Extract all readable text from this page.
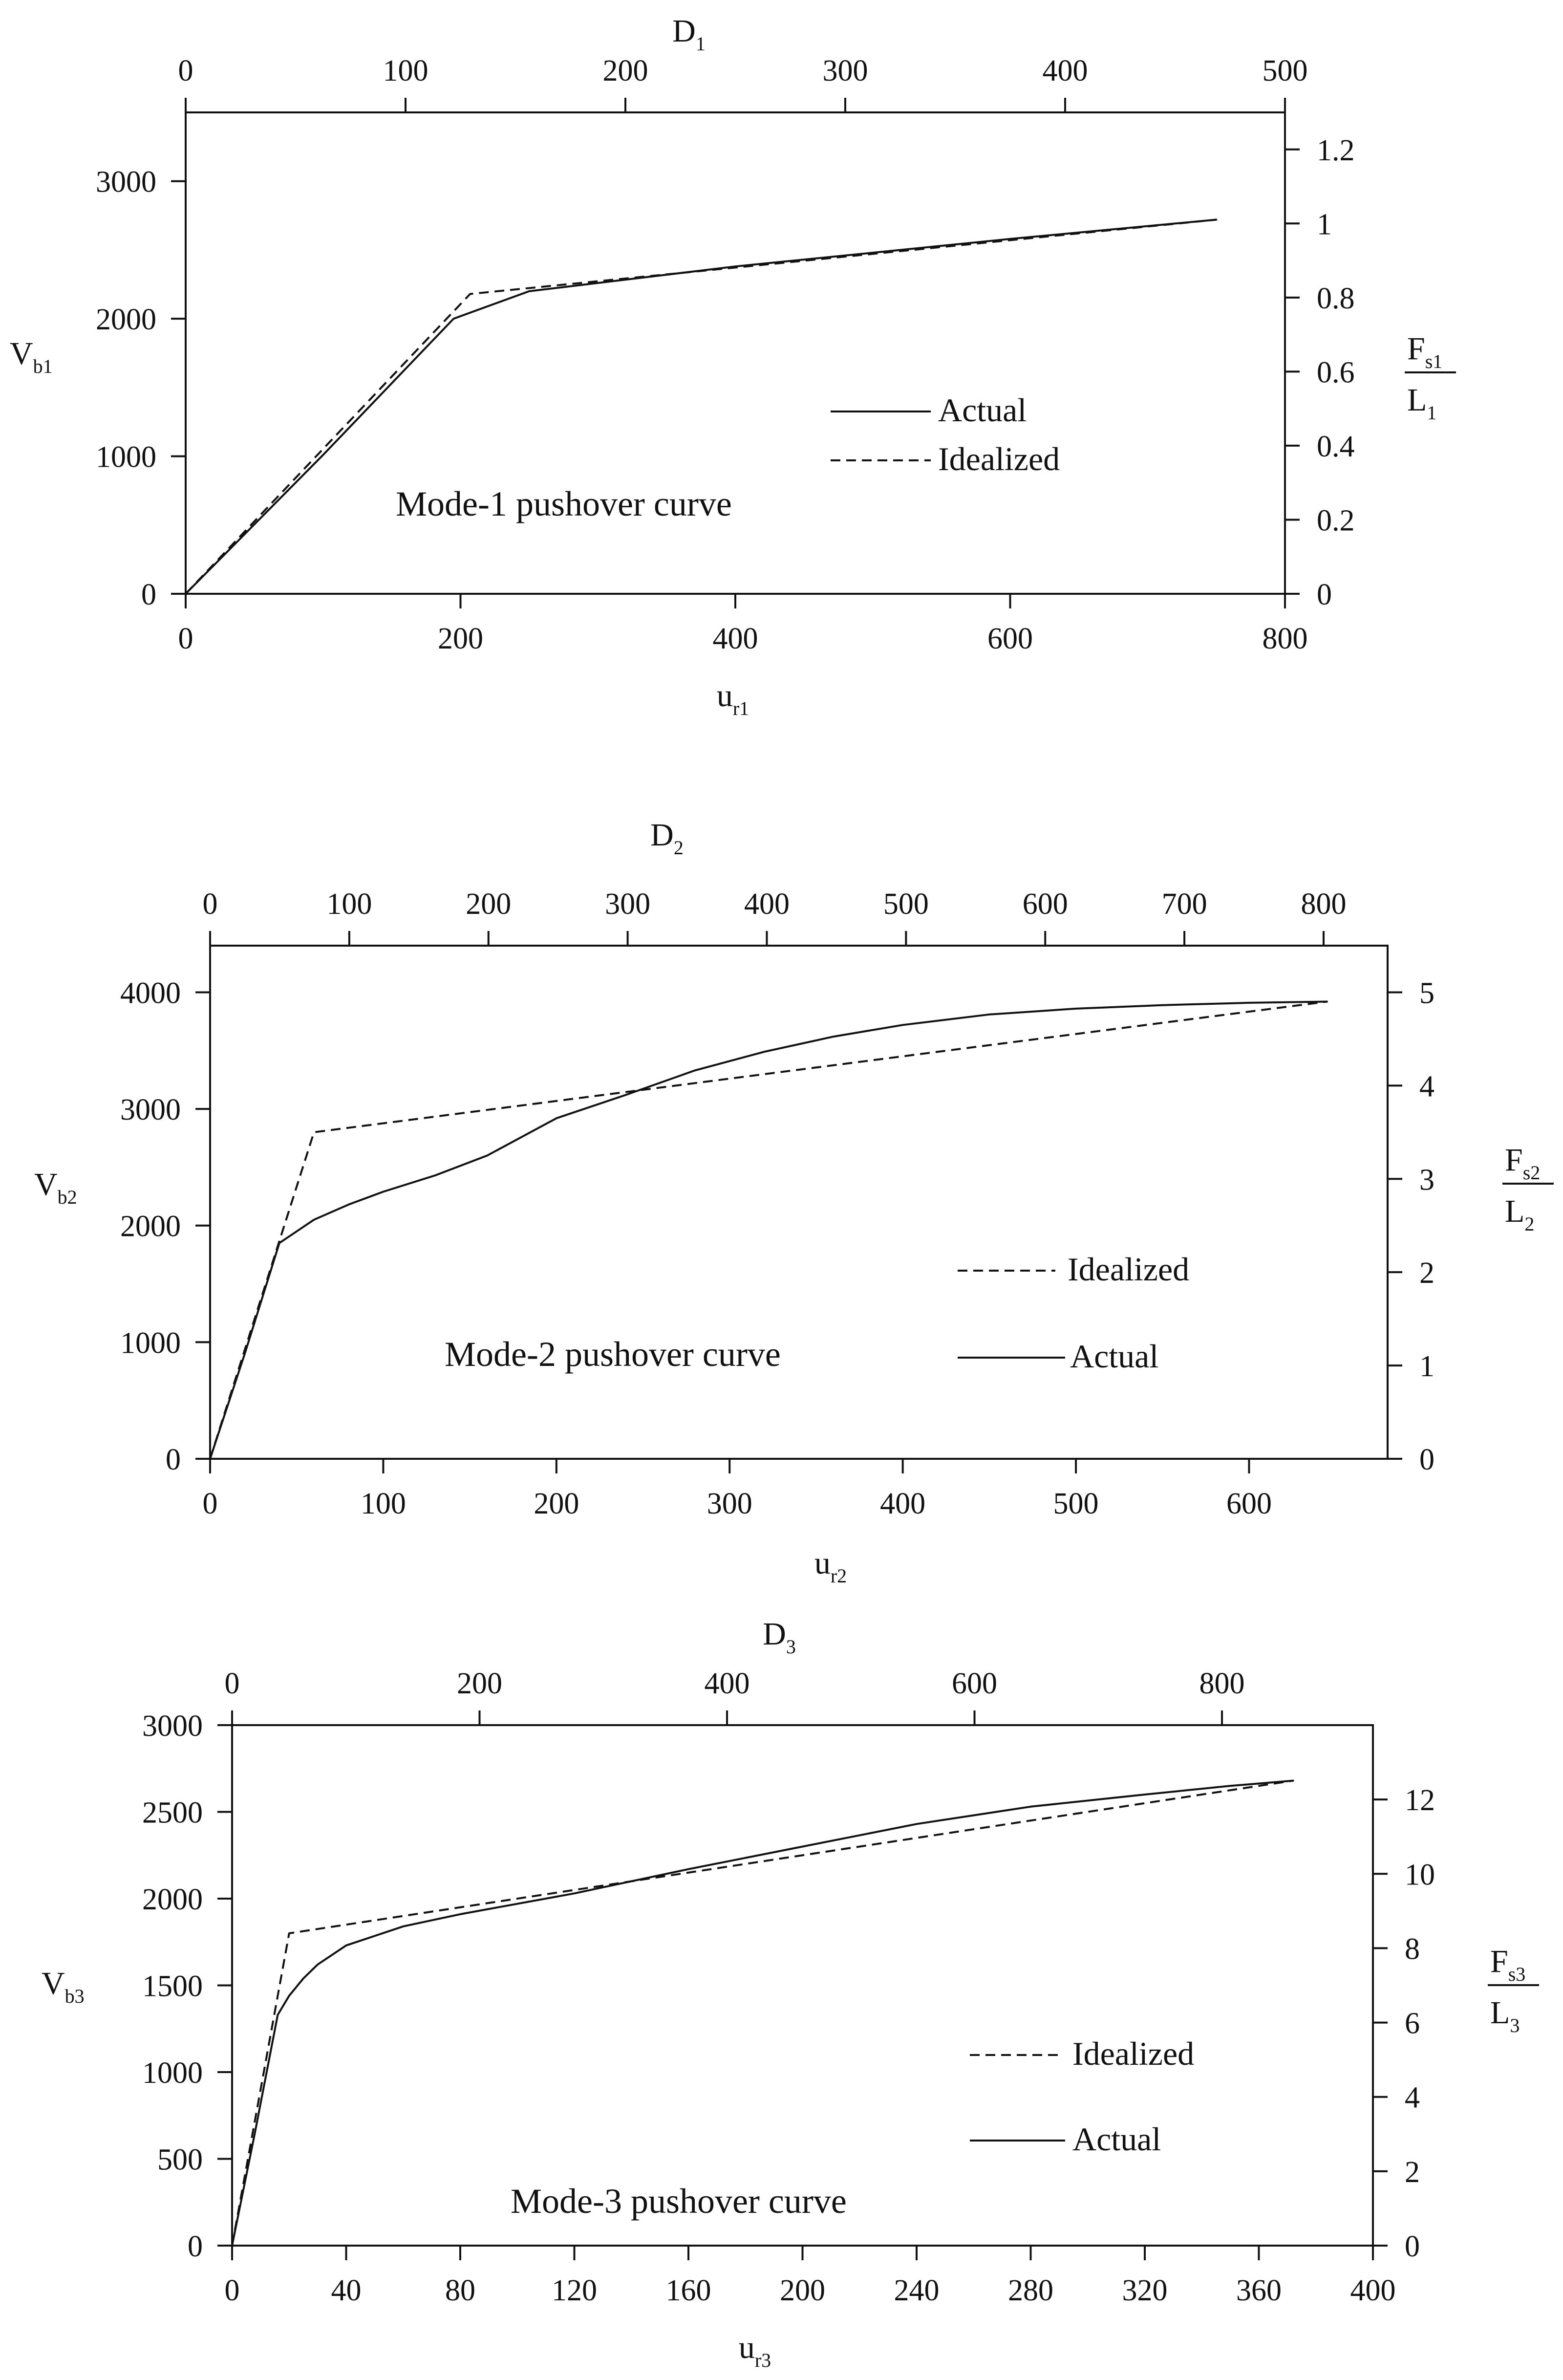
0	200	400	600	800
0	100	200	300	400	500
0
1000
2000
3000
0
0.2
0.4
0.6
0.8
1
1.2
$D_1$
$u_{r1}$
$V_{b1}$	$F_{s1}$
$L_1$
Mode-1 pushover curve
Actual
Idealized
0	100	200	300	400	500	600
0	100	200	300	400	500	600	700	800
0
1000
2000
3000
4000
0
1
2
3
4
5
$D_2$
$u_{r2}$
$V_{b2}$
$F_{s2}$
$L_2$
Mode-2 pushover curve
Idealized
Actual
0	40	80	120 160 200 240 280 320 360 400
0	200	400	600	800
0
500
1000
1500
2000
2500
3000
0
2
4
6
8
10
12
$D_3$
$u_{r3}$
$V_{b3}$
$F_{s3}$
$L_3$
Mode-3 pushover curve
Idealized
Actual
